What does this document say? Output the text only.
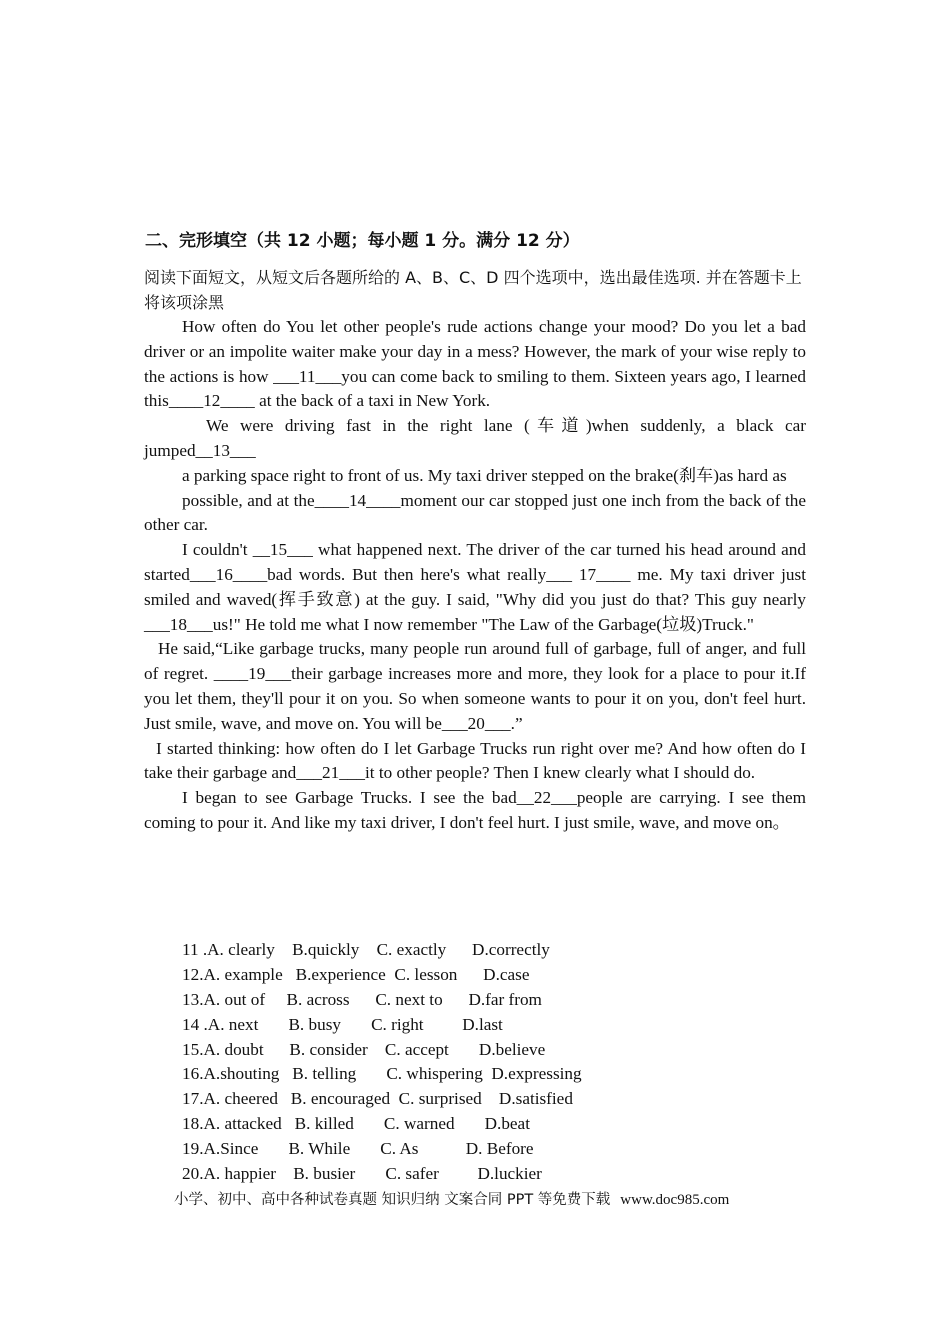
二、完形填空（共 12 小题；每小题 1 分。满分 12 分）
阅读下面短文，从短文后各题所给的 A、B、C、D 四个选项中，选出最佳选项. 并在答题卡上将该项涂黑

How often do You let other people's rude actions change your mood? Do you let a bad driver or an impolite waiter make your day in a mess? However, the mark of your wise reply to the actions is how ___11___you can come back to smiling to them. Sixteen years ago, I learned this____12____ at the back of a taxi in New York.

We were driving fast in the right lane (车道)when suddenly, a black car jumped__13___

a parking space right to front of us. My taxi driver stepped on the brake(刹车)as hard as

possible, and at the____14____moment our car stopped just one inch from the back of the other car.

I couldn't __15___ what happened next. The driver of the car turned his head around and started___16____bad words. But then here's what really___ 17____ me. My taxi driver just smiled and waved(挥手致意) at the guy. I said, "Why did you just do that? This guy nearly ___18___us!" He told me what I now remember "The Law of the Garbage(垃圾)Truck."

He said,“Like garbage trucks, many people run around full of garbage, full of anger, and full of regret. ____19___their garbage increases more and more, they look for a place to pour it.If you let them, they'll pour it on you. So when someone wants to pour it on you, don't feel hurt. Just smile, wave, and move on. You will be___20___.”

I started thinking: how often do I let Garbage Trucks run right over me? And how often do I take their garbage and___21___it to other people? Then I knew clearly what I should do.

I began to see Garbage Trucks. I see the bad__22___people are carrying. I see them coming to pour it. And like my taxi driver, I don't feel hurt. I just smile, wave, and move on。

11 .A. clearly    B.quickly    C. exactly      D.correctly
12.A. example   B.experience  C. lesson      D.case
13.A. out of     B. across      C. next to      D.far from
14 .A. next       B. busy       C. right         D.last
15.A. doubt      B. consider    C. accept       D.believe
16.A.shouting   B. telling       C. whispering  D.expressing
17.A. cheered   B. encouraged  C. surprised    D.satisfied
18.A. attacked   B. killed       C. warned       D.beat
19.A.Since       B. While       C. As           D. Before
20.A. happier    B. busier       C. safer         D.luckier
小学、初中、高中各种试卷真题 知识归纳 文案合同 PPT 等免费下载 www.doc985.com
